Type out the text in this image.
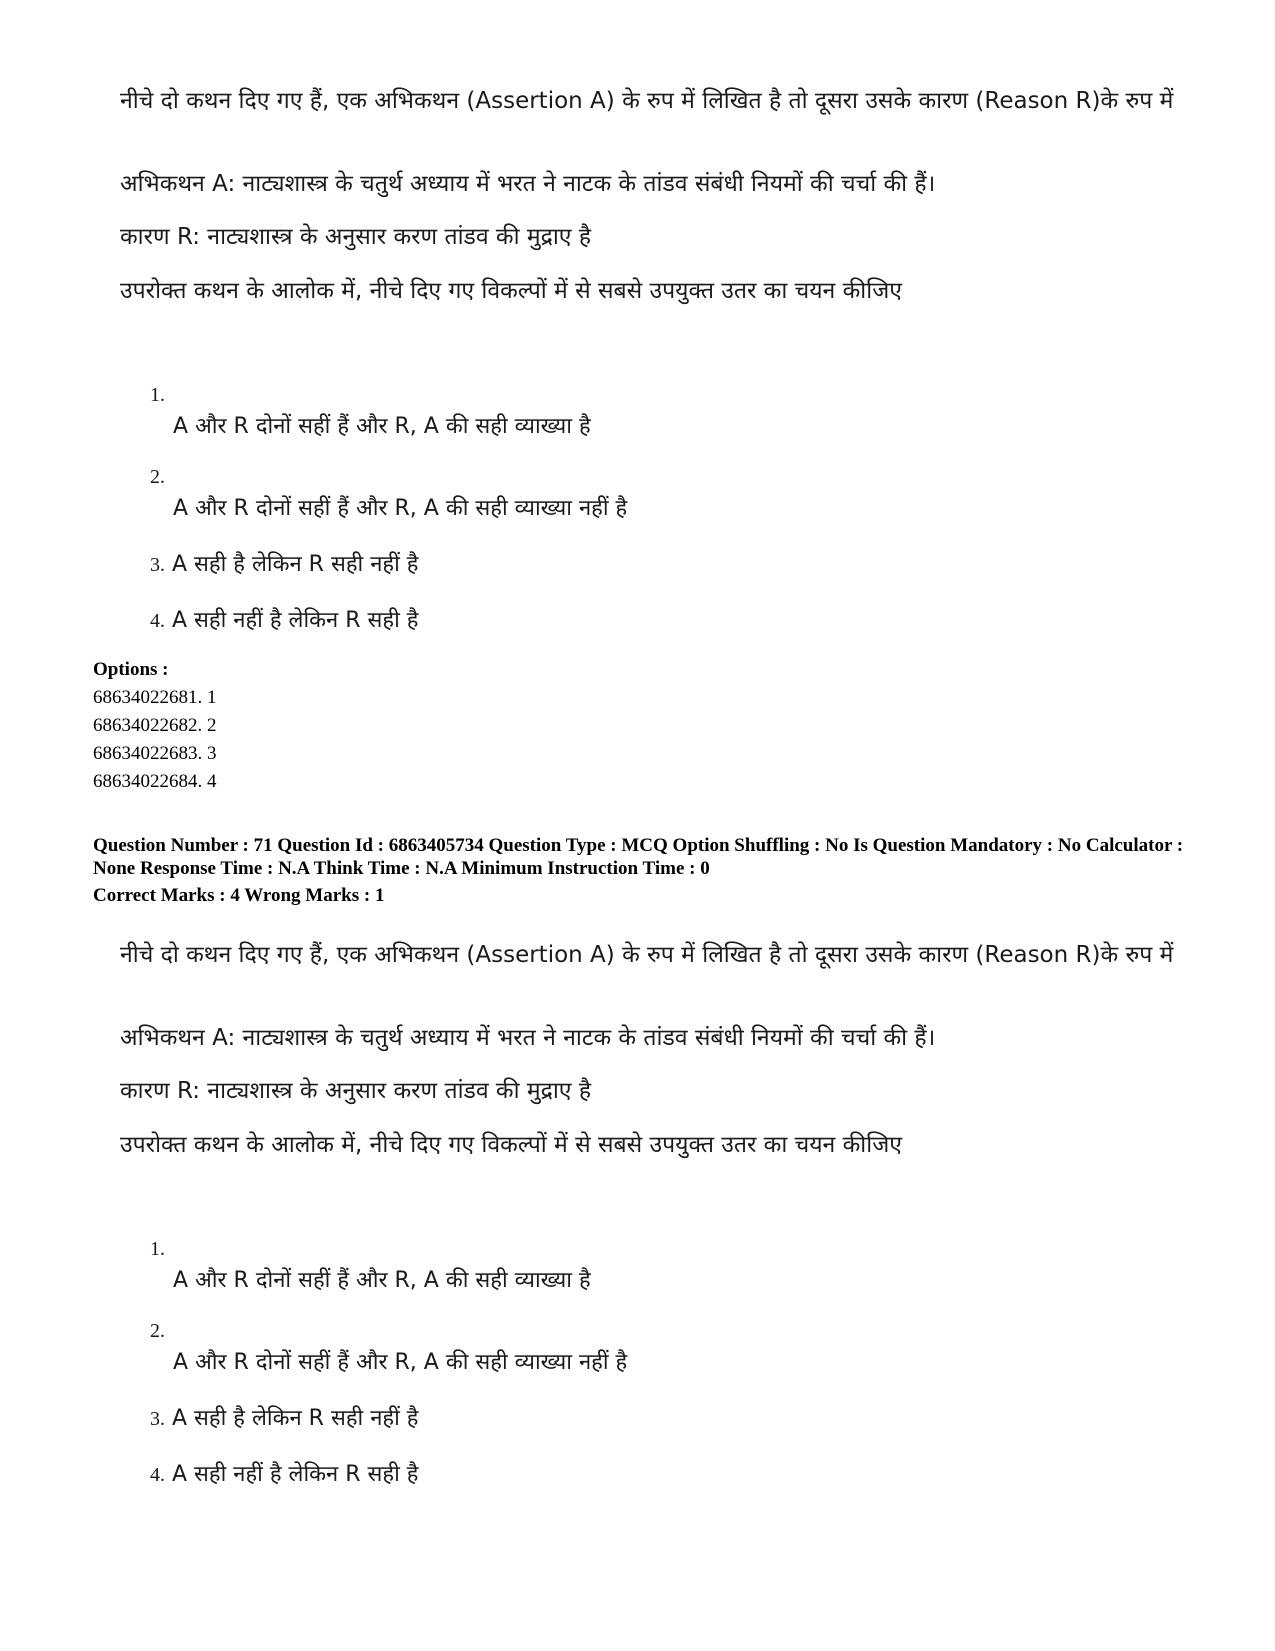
नीचे दो कथन दिए गए हैं, एक अभिकथन (Assertion A) के रुप में लिखित है तो दूसरा उसके कारण (Reason R)के रुप में

अभिकथन A: नाट्यशास्त्र के चतुर्थ अध्याय में भरत ने नाटक के तांडव संबंधी नियमों की चर्चा की हैं।

कारण R: नाट्यशास्त्र के अनुसार करण तांडव की मुद्राए है

उपरोक्त कथन के आलोक में, नीचे दिए गए विकल्पों में से सबसे उपयुक्त उतर का चयन कीजिए

1.
A और R दोनों सहीं हैं और R, A की सही व्याख्या है
2.
A और R दोनों सहीं हैं और R, A की सही व्याख्या नहीं है
3. A सही है लेकिन R सही नहीं है
4. A सही नहीं है लेकिन R सही है
Options :
68634022681. 1
68634022682. 2
68634022683. 3
68634022684. 4
Question Number : 71 Question Id : 6863405734 Question Type : MCQ Option Shuffling : No Is Question Mandatory : No Calculator : None Response Time : N.A Think Time : N.A Minimum Instruction Time : 0
Correct Marks : 4 Wrong Marks : 1

नीचे दो कथन दिए गए हैं, एक अभिकथन (Assertion A) के रुप में लिखित है तो दूसरा उसके कारण (Reason R)के रुप में

अभिकथन A: नाट्यशास्त्र के चतुर्थ अध्याय में भरत ने नाटक के तांडव संबंधी नियमों की चर्चा की हैं।

कारण R: नाट्यशास्त्र के अनुसार करण तांडव की मुद्राए है

उपरोक्त कथन के आलोक में, नीचे दिए गए विकल्पों में से सबसे उपयुक्त उतर का चयन कीजिए

1.
A और R दोनों सहीं हैं और R, A की सही व्याख्या है
2.
A और R दोनों सहीं हैं और R, A की सही व्याख्या नहीं है
3. A सही है लेकिन R सही नहीं है
4. A सही नहीं है लेकिन R सही है
